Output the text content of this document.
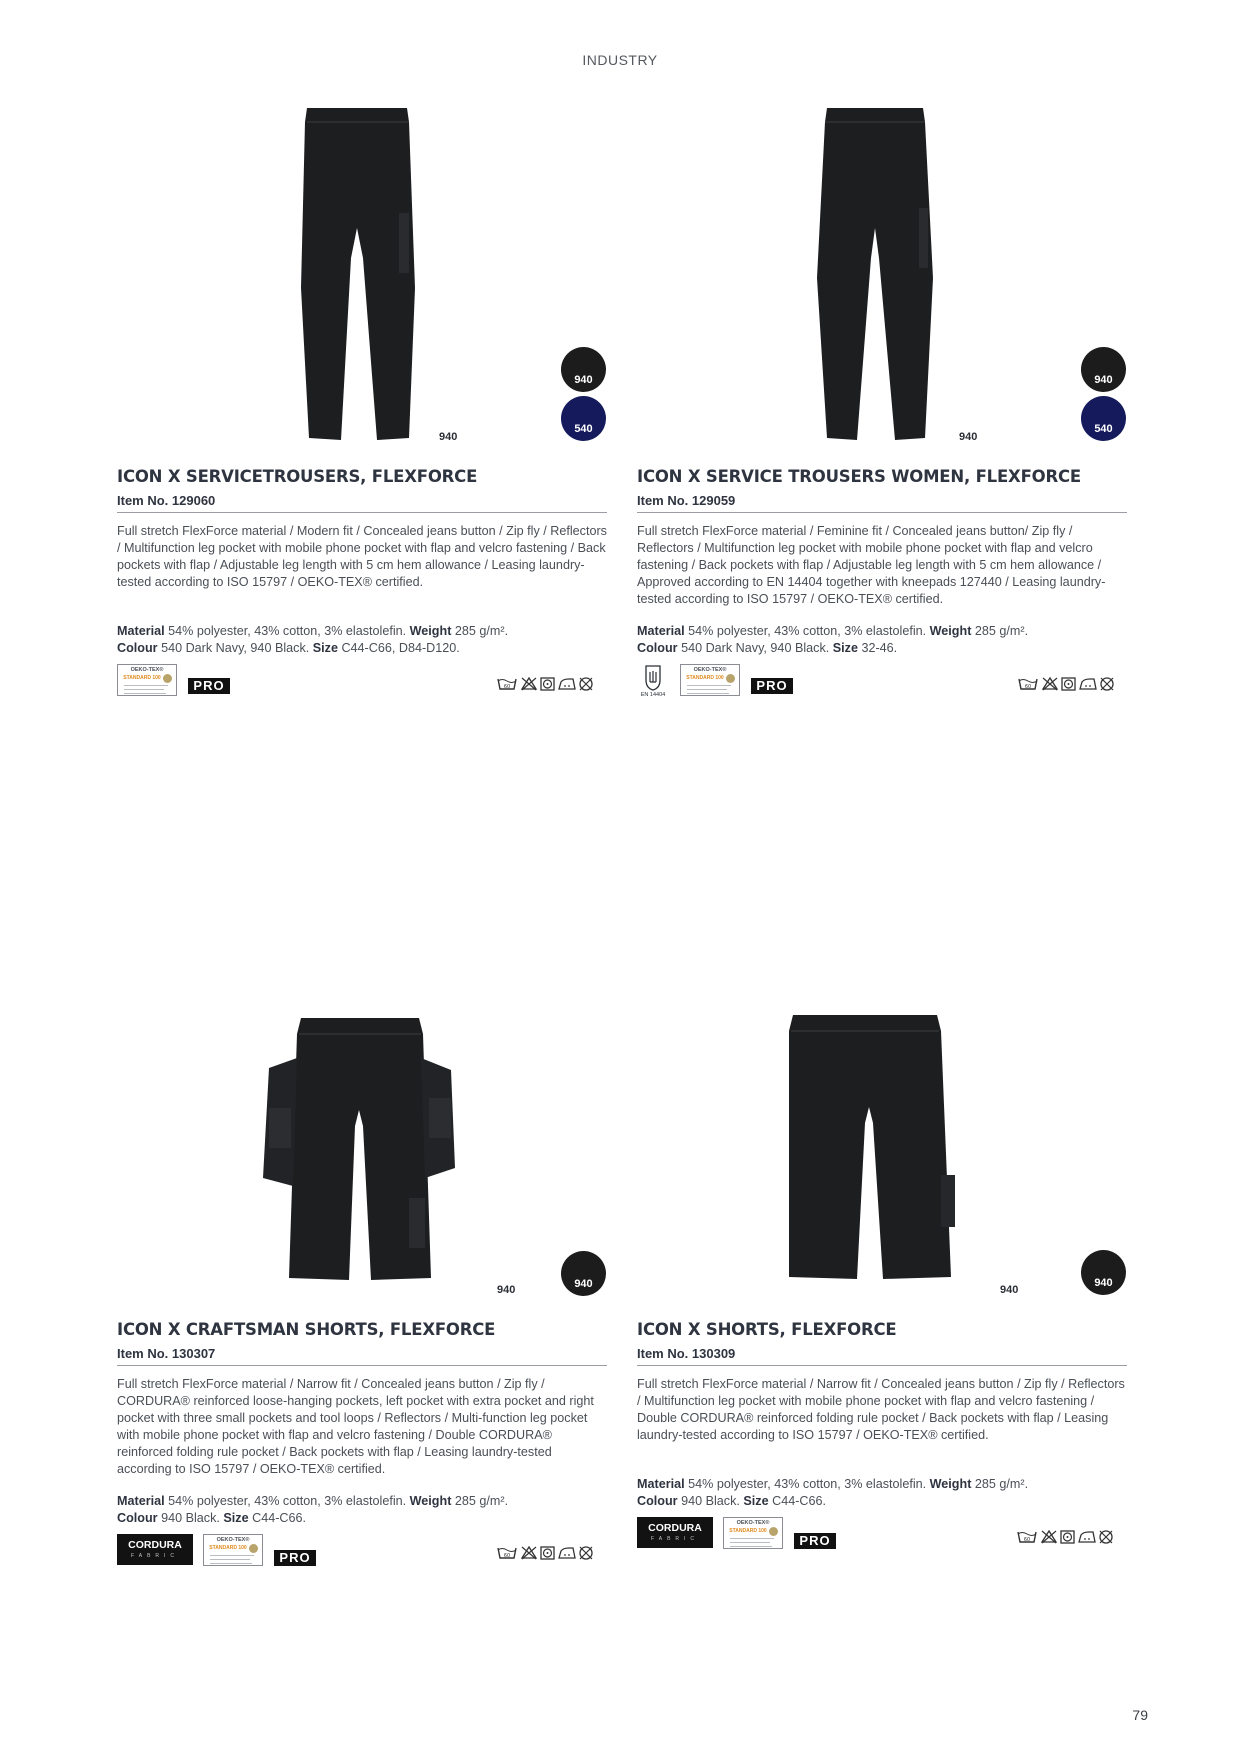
INDUSTRY
940
940
540
ICON X SERVICETROUSERS, FLEXFORCE
Item No. 129060
Full stretch FlexForce material / Modern fit / Concealed jeans button / Zip fly / Reflectors / Multifunction leg pocket with mobile phone pocket with flap and velcro fastening / Back pockets with flap / Adjustable leg length with 5 cm hem allowance / Leasing laundry-tested according to ISO 15797 / OEKO-TEX® certified.
Material 54% polyester, 43% cotton, 3% elastolefin. Weight 285 g/m².
Colour 540 Dark Navy, 940 Black. Size C44-C66, D84-D120.
OEKO-TEX®
STANDARD 100	PRO
940
940
540
ICON X SERVICE TROUSERS WOMEN, FLEXFORCE
Item No. 129059
Full stretch FlexForce material / Feminine fit / Concealed jeans button/ Zip fly / Reflectors / Multifunction leg pocket with mobile phone pocket with flap and velcro fastening / Back pockets with flap / Adjustable leg length with 5 cm hem allowance / Approved according to EN 14404 together with kneepads 127440 / Leasing laundry-tested according to ISO 15797 / OEKO-TEX® certified.
Material 54% polyester, 43% cotton, 3% elastolefin. Weight 285 g/m².
Colour 540 Dark Navy, 940 Black. Size 32-46.
EN 14404
OEKO-TEX®
STANDARD 100	PRO
940	940
ICON X CRAFTSMAN SHORTS, FLEXFORCE
Item No. 130307
Full stretch FlexForce material / Narrow fit / Concealed jeans button / Zip fly / CORDURA® reinforced loose-hanging pockets, left pocket with extra pocket and right pocket with three small pockets and tool loops / Reflectors / Multi-function leg pocket with mobile phone pocket with flap and velcro fastening / Double CORDURA® reinforced folding rule pocket / Back pockets with flap / Leasing laundry-tested according to ISO 15797 / OEKO-TEX® certified.
Material 54% polyester, 43% cotton, 3% elastolefin. Weight 285 g/m².
Colour 940 Black. Size C44-C66.
CORDURA
FABRIC
OEKO-TEX®
STANDARD 100
PRO
940
940
ICON X SHORTS, FLEXFORCE
Item No. 130309
Full stretch FlexForce material / Narrow fit / Concealed jeans button / Zip fly / Reflectors / Multifunction leg pocket with mobile phone pocket with flap and velcro fastening / Double CORDURA® reinforced folding rule pocket / Back pockets with flap / Leasing laundry-tested according to ISO 15797 / OEKO-TEX® certified.
Material 54% polyester, 43% cotton, 3% elastolefin. Weight 285 g/m².
Colour 940 Black. Size C44-C66.
CORDURA
FABRIC
OEKO-TEX®
STANDARD 100
PRO
79
